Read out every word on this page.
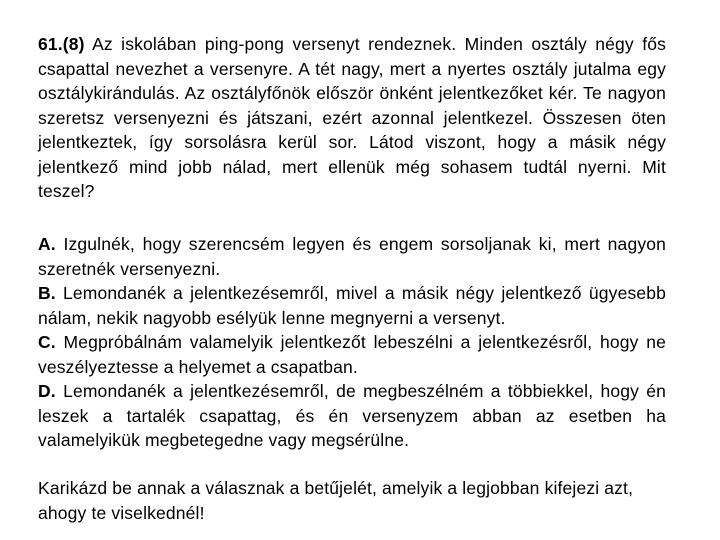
61.(8) Az iskolában ping-pong versenyt rendeznek. Minden osztály négy fős csapattal nevezhet a versenyre. A tét nagy, mert a nyertes osztály jutalma egy osztálykirándulás. Az osztályfőnök először önként jelentkezőket kér. Te nagyon szeretsz versenyezni és játszani, ezért azonnal jelentkezel. Összesen öten jelentkeztek, így sorsolásra kerül sor. Látod viszont, hogy a másik négy jelentkező mind jobb nálad, mert ellenük még sohasem tudtál nyerni. Mit teszel?

A. Izgulnék, hogy szerencsém legyen és engem sorsoljanak ki, mert nagyon szeretnék versenyezni.

B. Lemondanék a jelentkezésemről, mivel a másik négy jelentkező ügyesebb nálam, nekik nagyobb esélyük lenne megnyerni a versenyt.

C. Megpróbálnám valamelyik jelentkezőt lebeszélni a jelentkezésről, hogy ne veszélyeztesse a helyemet a csapatban.

D. Lemondanék a jelentkezésemről, de megbeszélném a többiekkel, hogy én leszek a tartalék csapattag, és én versenyzem abban az esetben ha valamelyikük megbetegedne vagy megsérülne.

Karikázd be annak a válasznak a betűjelét, amelyik a legjobban kifejezi azt, ahogy te viselkednél!
